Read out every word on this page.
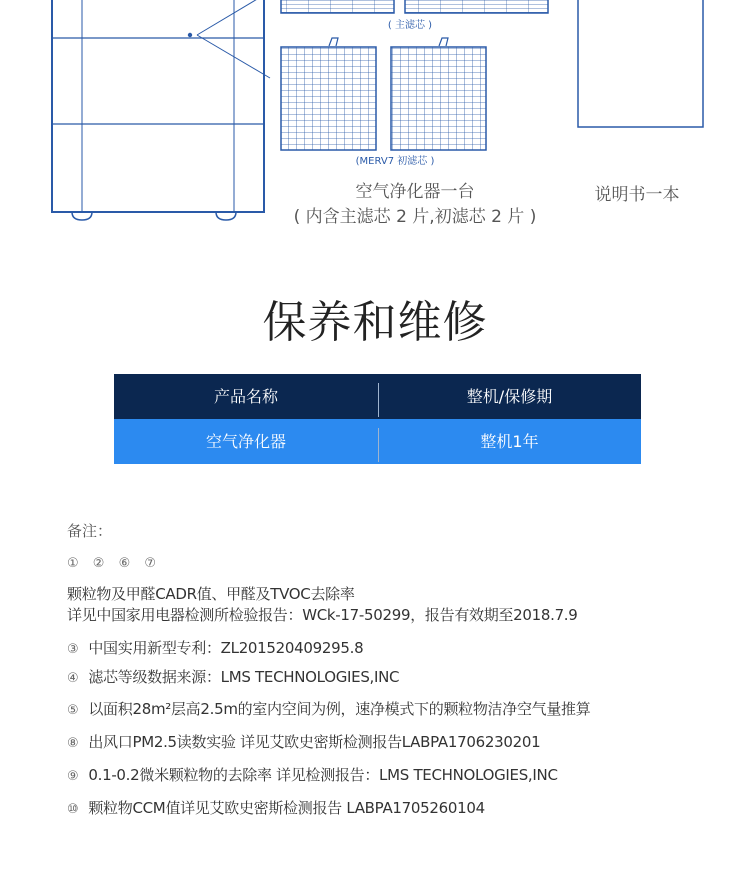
( 主滤芯 )
(MERV7 初滤芯 )
空气净化器一台
( 内含主滤芯 2 片,初滤芯 2 片 )
说明书一本
保养和维修
产品名称	整机/保修期
空气净化器	整机1年
备注：
① ② ⑥ ⑦
颗粒物及甲醛CADR值、甲醛及TVOC去除率
详见中国家用电器检测所检验报告：WCk-17-50299，报告有效期至2018.7.9
③ 中国实用新型专利：ZL201520409295.8
④ 滤芯等级数据来源：LMS TECHNOLOGIES,INC
⑤ 以面积28m²层高2.5m的室内空间为例，速净模式下的颗粒物洁净空气量推算
⑧ 出风口PM2.5读数实验 详见艾欧史密斯检测报告LABPA1706230201
⑨ 0.1-0.2微米颗粒物的去除率 详见检测报告：LMS TECHNOLOGIES,INC
⑩ 颗粒物CCM值详见艾欧史密斯检测报告 LABPA1705260104
